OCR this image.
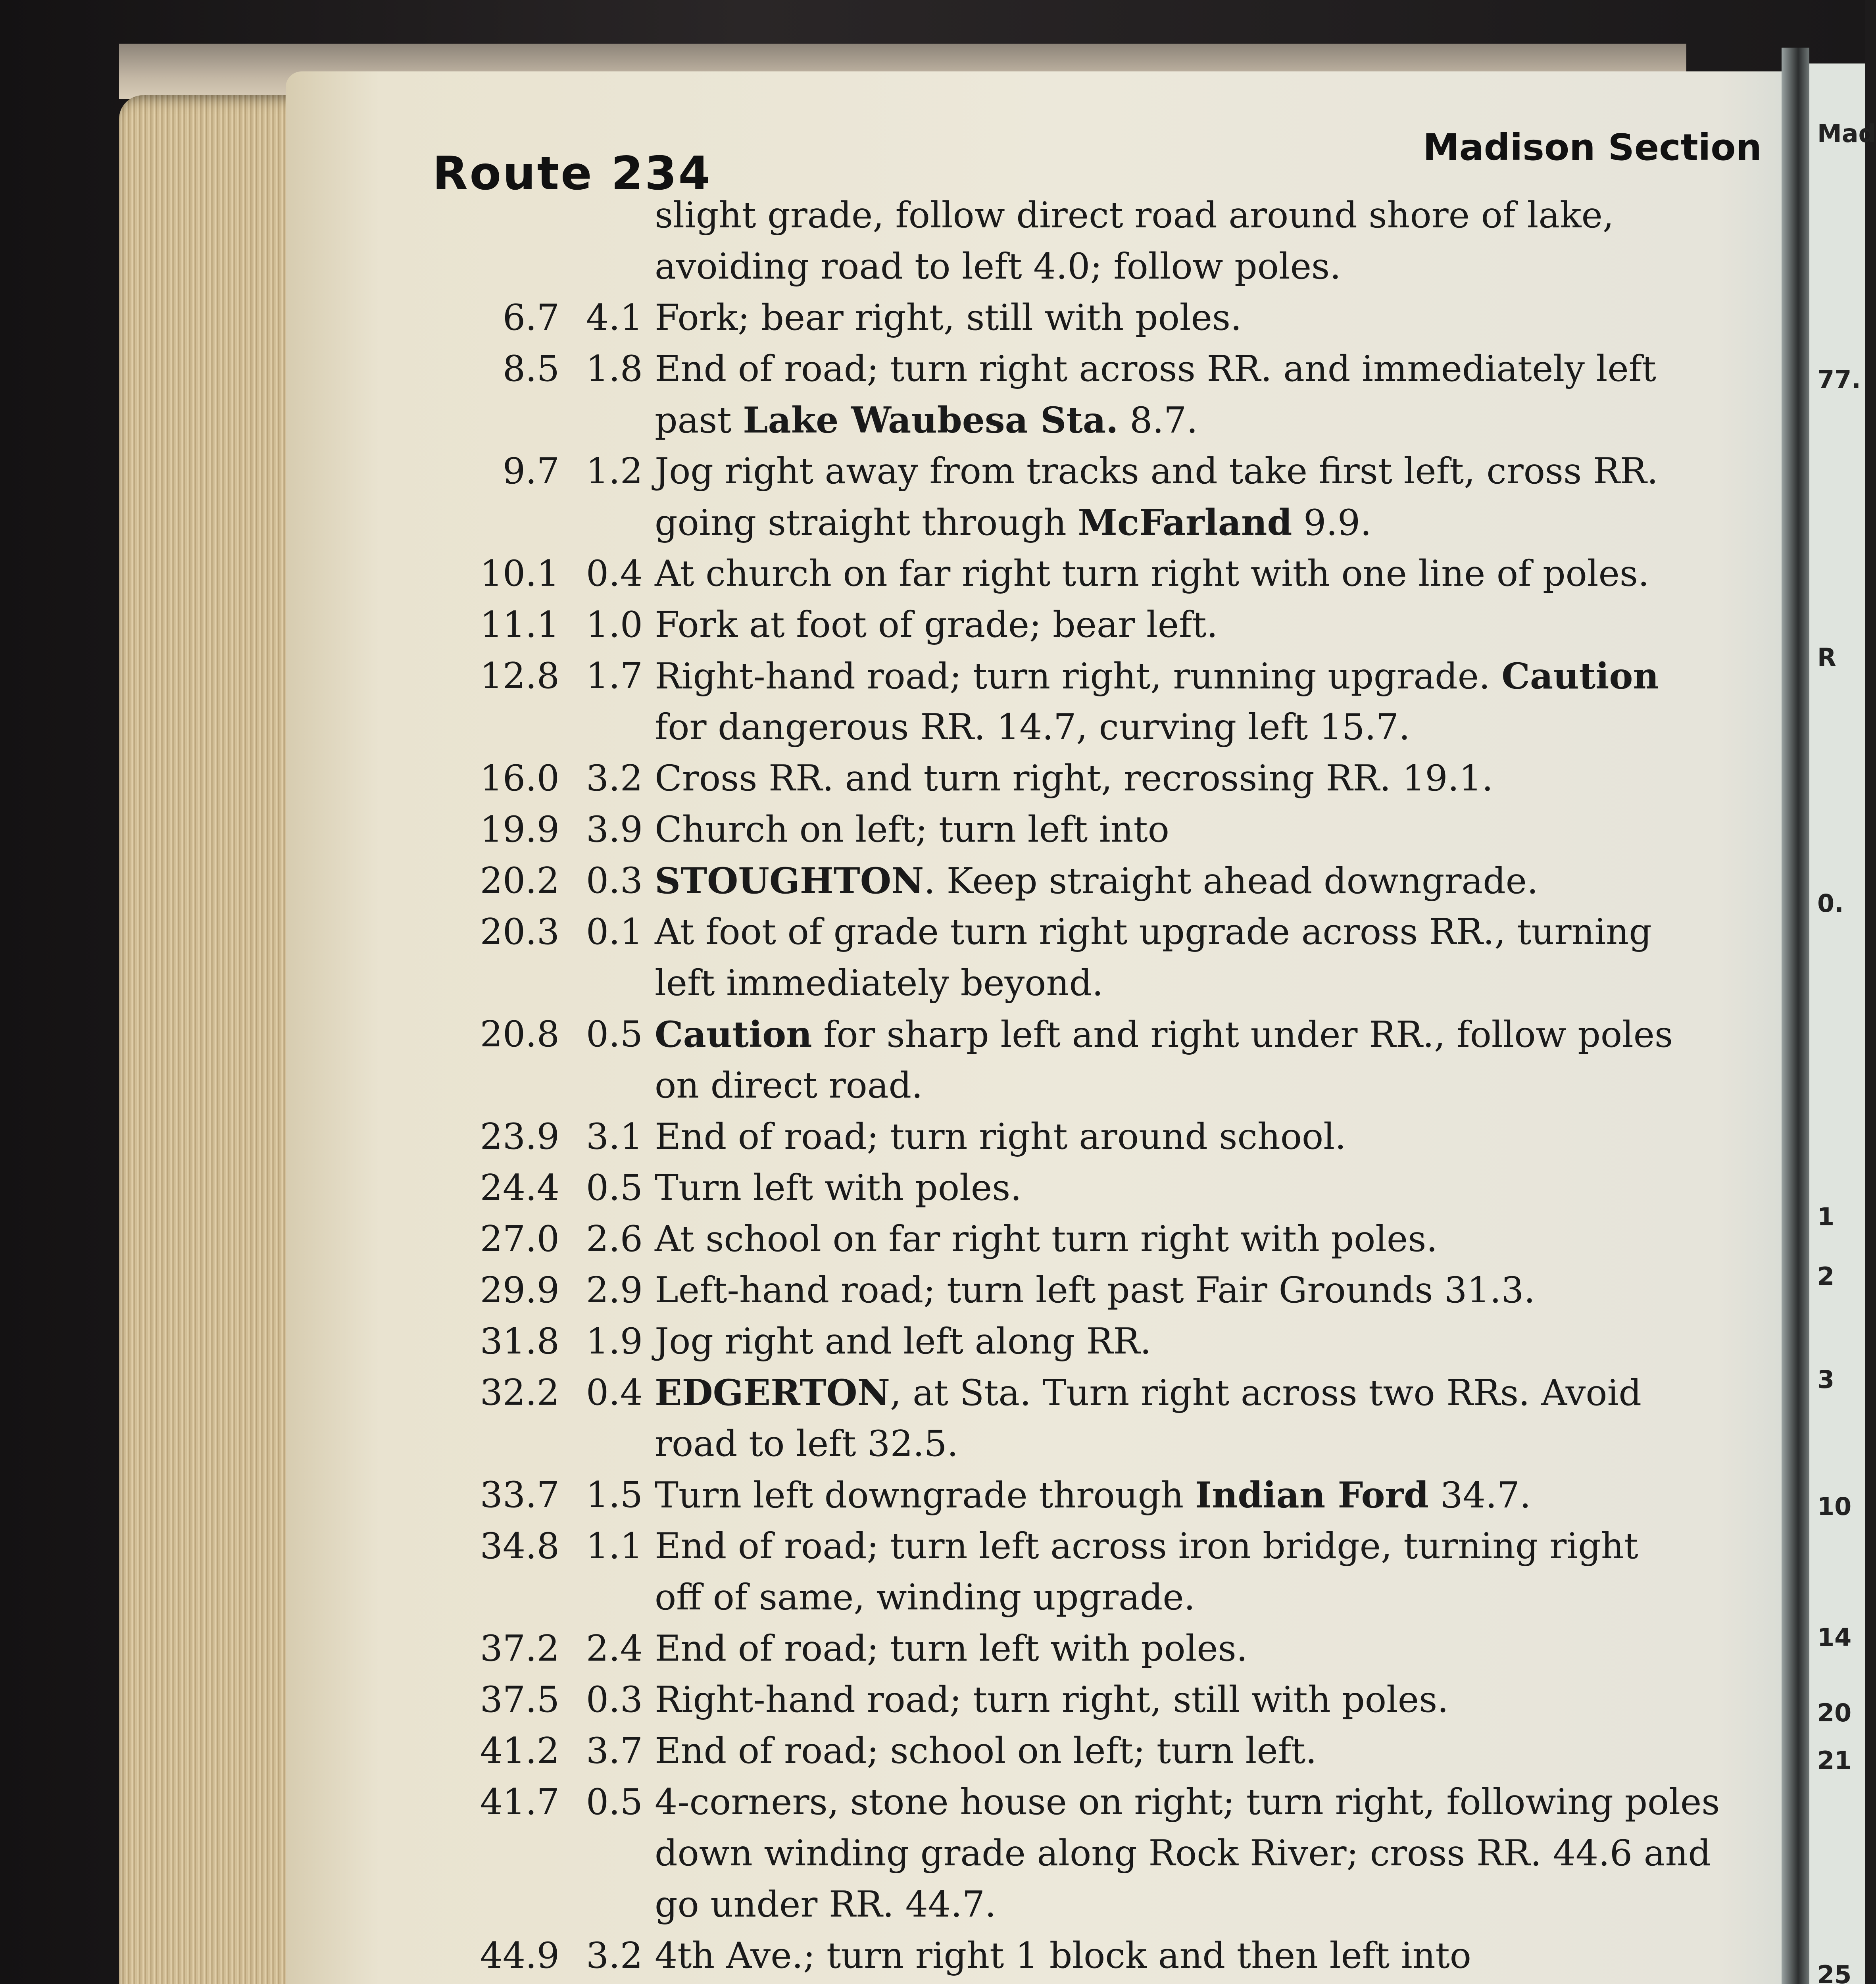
Mad
77.
R
0.
1
2
3
10
14
20
21
25
Route 234	Madison Section
slight grade, follow direct road around shore of lake,
avoiding road to left 4.0; follow poles.
6.7 4.1 Fork; bear right, still with poles.
8.5 1.8 End of road; turn right across RR. and immediately left
past Lake Waubesa Sta. 8.7.
9.7 1.2 Jog right away from tracks and take first left, cross RR.
going straight through McFarland 9.9.
10.1 0.4 At church on far right turn right with one line of poles.
11.1 1.0 Fork at foot of grade; bear left.
12.8 1.7 Right-hand road; turn right, running upgrade. Caution
for dangerous RR. 14.7, curving left 15.7.
16.0 3.2 Cross RR. and turn right, recrossing RR. 19.1.
19.9 3.9 Church on left; turn left into
20.2 0.3 STOUGHTON. Keep straight ahead downgrade.
20.3 0.1 At foot of grade turn right upgrade across RR., turning
left immediately beyond.
20.8 0.5 Caution for sharp left and right under RR., follow poles
on direct road.
23.9 3.1 End of road; turn right around school.
24.4 0.5 Turn left with poles.
27.0 2.6 At school on far right turn right with poles.
29.9 2.9 Left-hand road; turn left past Fair Grounds 31.3.
31.8 1.9 Jog right and left along RR.
32.2 0.4 EDGERTON, at Sta. Turn right across two RRs. Avoid
road to left 32.5.
33.7 1.5 Turn left downgrade through Indian Ford 34.7.
34.8 1.1 End of road; turn left across iron bridge, turning right
off of same, winding upgrade.
37.2 2.4 End of road; turn left with poles.
37.5 0.3 Right-hand road; turn right, still with poles.
41.2 3.7 End of road; school on left; turn left.
41.7 0.5 4-corners, stone house on right; turn right, following poles
down winding grade along Rock River; cross RR. 44.6 and
go under RR. 44.7.
44.9 3.2 4th Ave.; turn right 1 block and then left into
